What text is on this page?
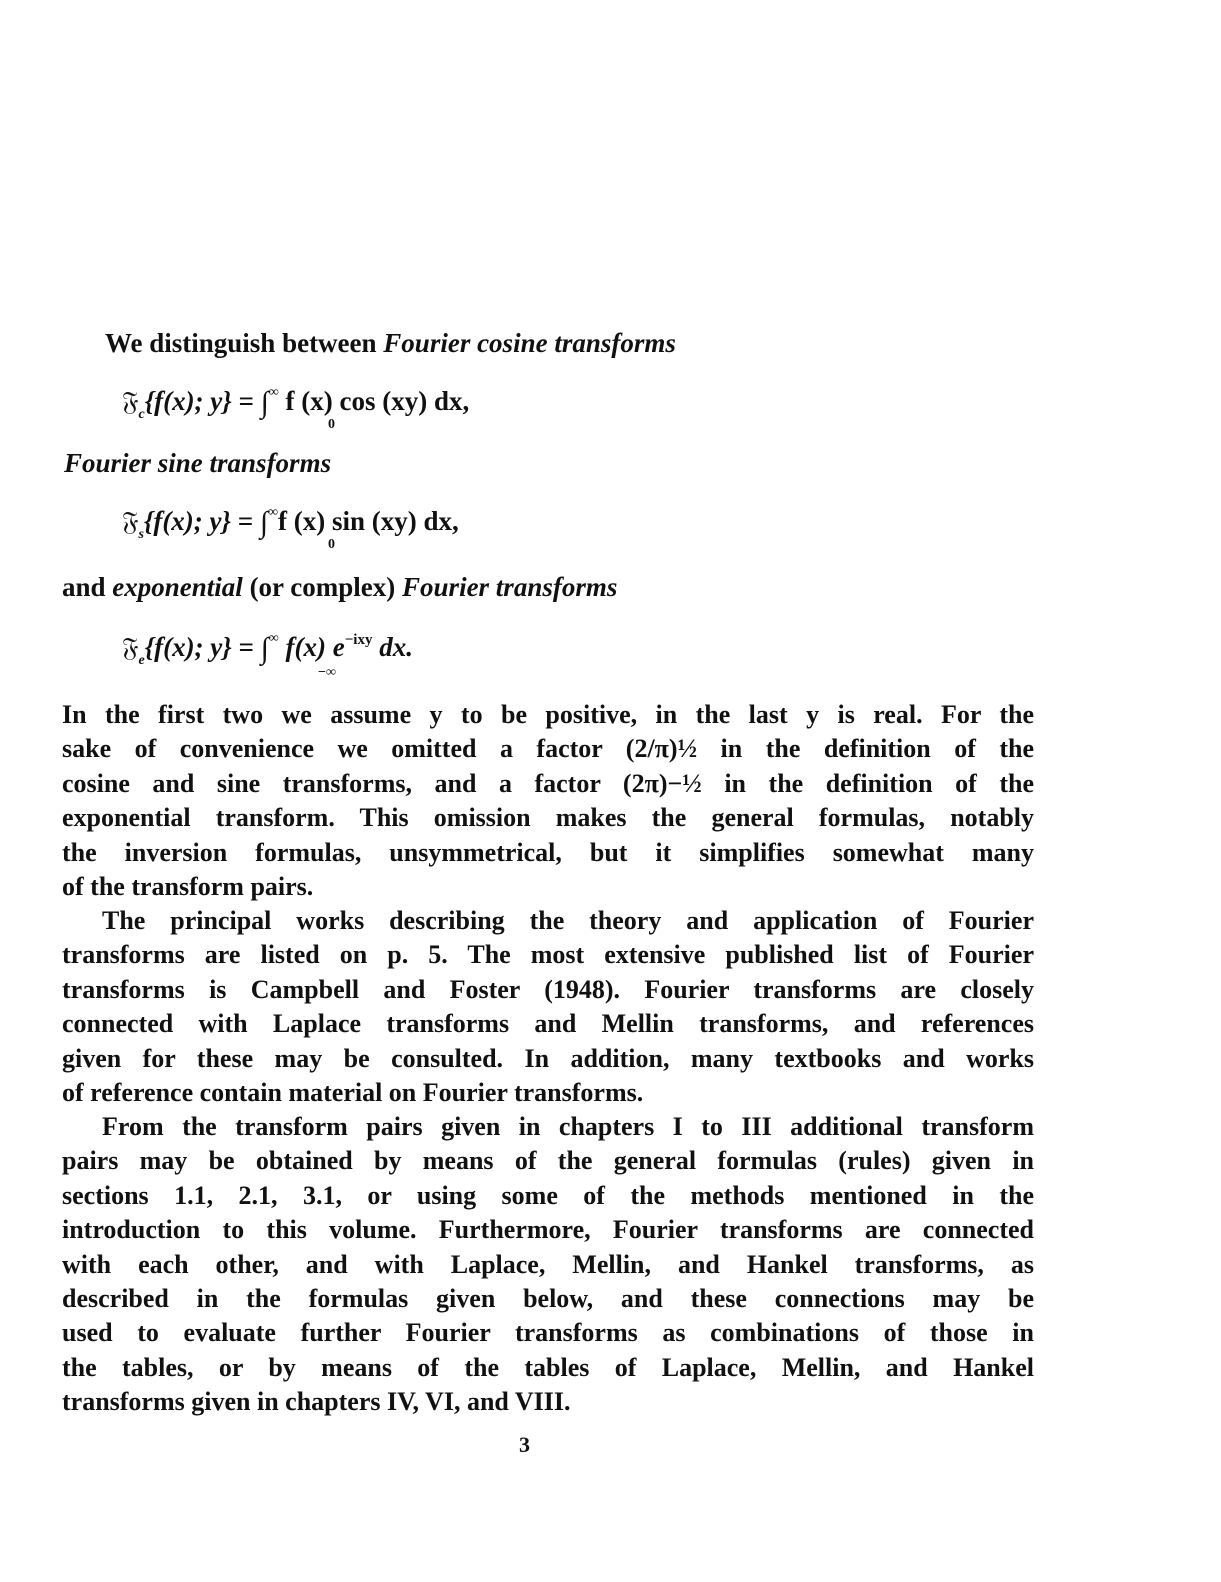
We distinguish between Fourier cosine transforms
𝔉$_c${f(x); y} = ∫∞
0
f (x) cos (xy) dx,
Fourier sine transforms
𝔉$_s${f(x); y} = ∫∞
0
f (x) sin (xy) dx,
and exponential (or complex) Fourier transforms
𝔉$_e${f(x); y} = ∫∞
−∞
f(x) $e^{-ixy}$ dx.
In the first two we assume y to be positive, in the last y is real. For the
sake of convenience we omitted a factor (2/π)½ in the definition of the
cosine and sine transforms, and a factor (2π)−½ in the definition of the
exponential transform. This omission makes the general formulas, notably
the inversion formulas, unsymmetrical, but it simplifies somewhat many
of the transform pairs.
The principal works describing the theory and application of Fourier
transforms are listed on p. 5. The most extensive published list of Fourier
transforms is Campbell and Foster (1948). Fourier transforms are closely
connected with Laplace transforms and Mellin transforms, and references
given for these may be consulted. In addition, many textbooks and works
of reference contain material on Fourier transforms.
From the transform pairs given in chapters I to III additional transform
pairs may be obtained by means of the general formulas (rules) given in
sections 1.1, 2.1, 3.1, or using some of the methods mentioned in the
introduction to this volume. Furthermore, Fourier transforms are connected
with each other, and with Laplace, Mellin, and Hankel transforms, as
described in the formulas given below, and these connections may be
used to evaluate further Fourier transforms as combinations of those in
the tables, or by means of the tables of Laplace, Mellin, and Hankel
transforms given in chapters IV, VI, and VIII.
3
